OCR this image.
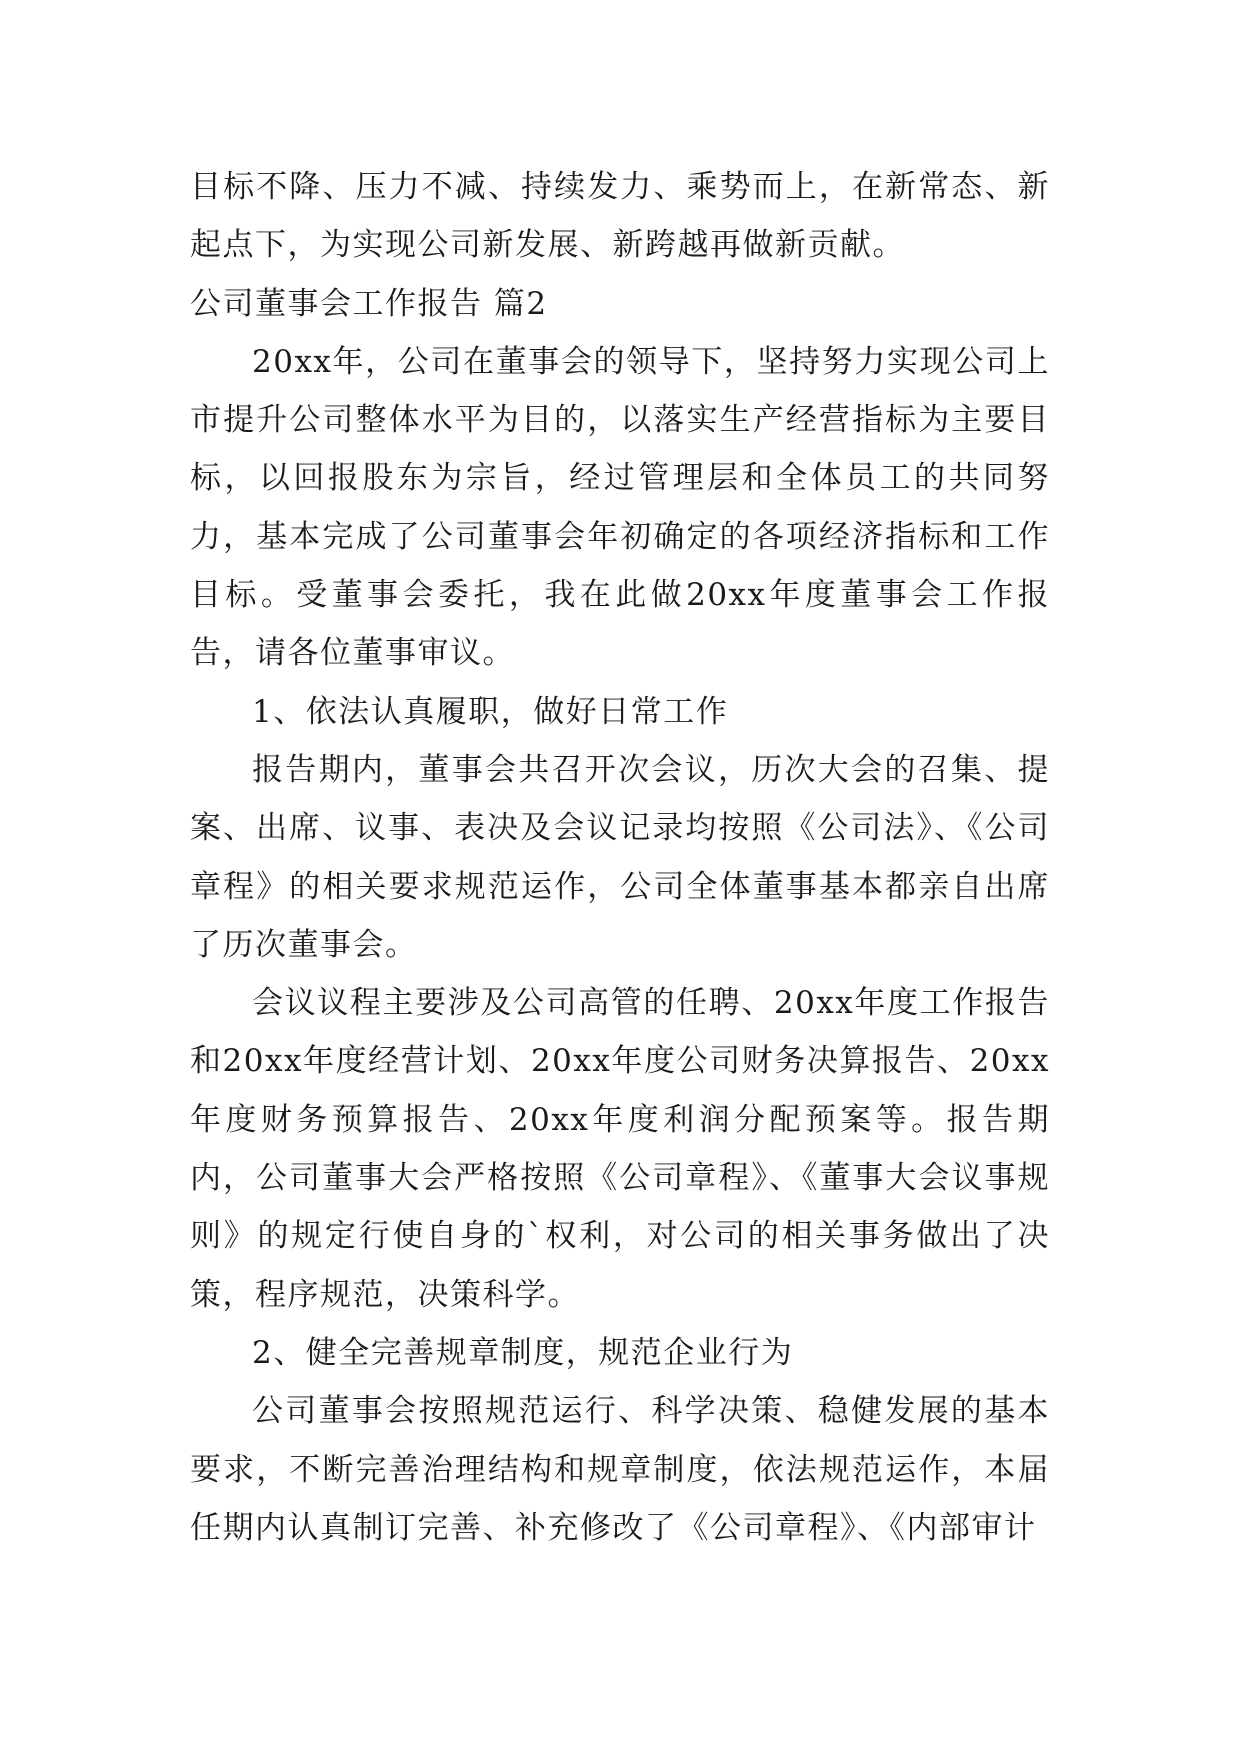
目标不降、压力不减、持续发力、乘势而上，在新常态、新起点下，为实现公司新发展、新跨越再做新贡献。

公司董事会工作报告 篇2

20xx年，公司在董事会的领导下，坚持努力实现公司上市提升公司整体水平为目的，以落实生产经营指标为主要目标，以回报股东为宗旨，经过管理层和全体员工的共同努力，基本完成了公司董事会年初确定的各项经济指标和工作目标。受董事会委托，我在此做20xx年度董事会工作报告，请各位董事审议。

1、依法认真履职，做好日常工作

报告期内，董事会共召开次会议，历次大会的召集、提案、出席、议事、表决及会议记录均按照《公司法》、《公司章程》的相关要求规范运作，公司全体董事基本都亲自出席了历次董事会。

会议议程主要涉及公司高管的任聘、20xx年度工作报告和20xx年度经营计划、20xx年度公司财务决算报告、20xx年度财务预算报告、20xx年度利润分配预案等。报告期内，公司董事大会严格按照《公司章程》、《董事大会议事规则》的规定行使自身的`权利，对公司的相关事务做出了决策，程序规范，决策科学。

2、健全完善规章制度，规范企业行为

公司董事会按照规范运行、科学决策、稳健发展的基本要求，不断完善治理结构和规章制度，依法规范运作，本届任期内认真制订完善、补充修改了《公司章程》、《内部审计
